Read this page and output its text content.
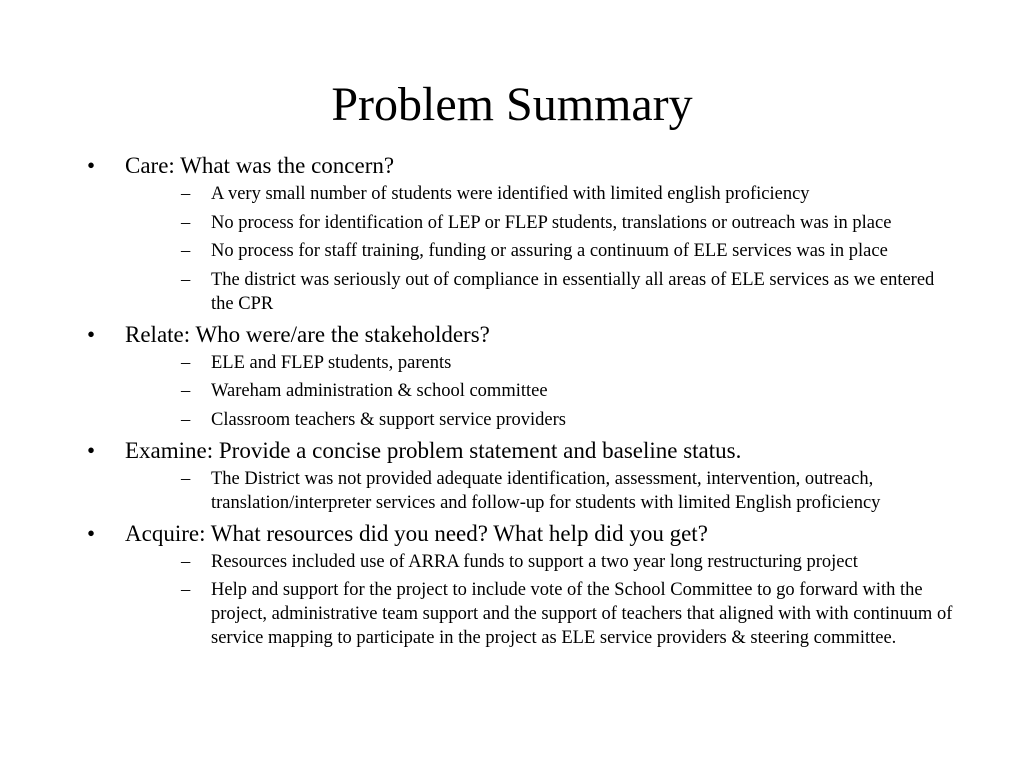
Problem Summary
• Care: What was the concern?
– A very small number of students were identified with limited english proficiency
– No process for identification of LEP or FLEP students, translations or outreach was in place
– No process for staff training, funding or assuring a continuum of ELE services was in place
– The district was seriously out of compliance in essentially all areas of ELE services as we entered the CPR
• Relate: Who were/are the stakeholders?
– ELE and FLEP students, parents
– Wareham administration & school committee
– Classroom teachers & support service providers
• Examine: Provide a concise problem statement and baseline status.
– The District was not provided adequate identification, assessment, intervention, outreach, translation/interpreter services and follow-up for students with limited English proficiency
• Acquire: What resources did you need? What help did you get?
– Resources included use of ARRA funds to support a two year long restructuring project
– Help and support for the project to include vote of the School Committee to go forward with the project, administrative team support and the support of teachers that aligned with with continuum of service mapping to participate in the project as ELE service providers & steering committee.
